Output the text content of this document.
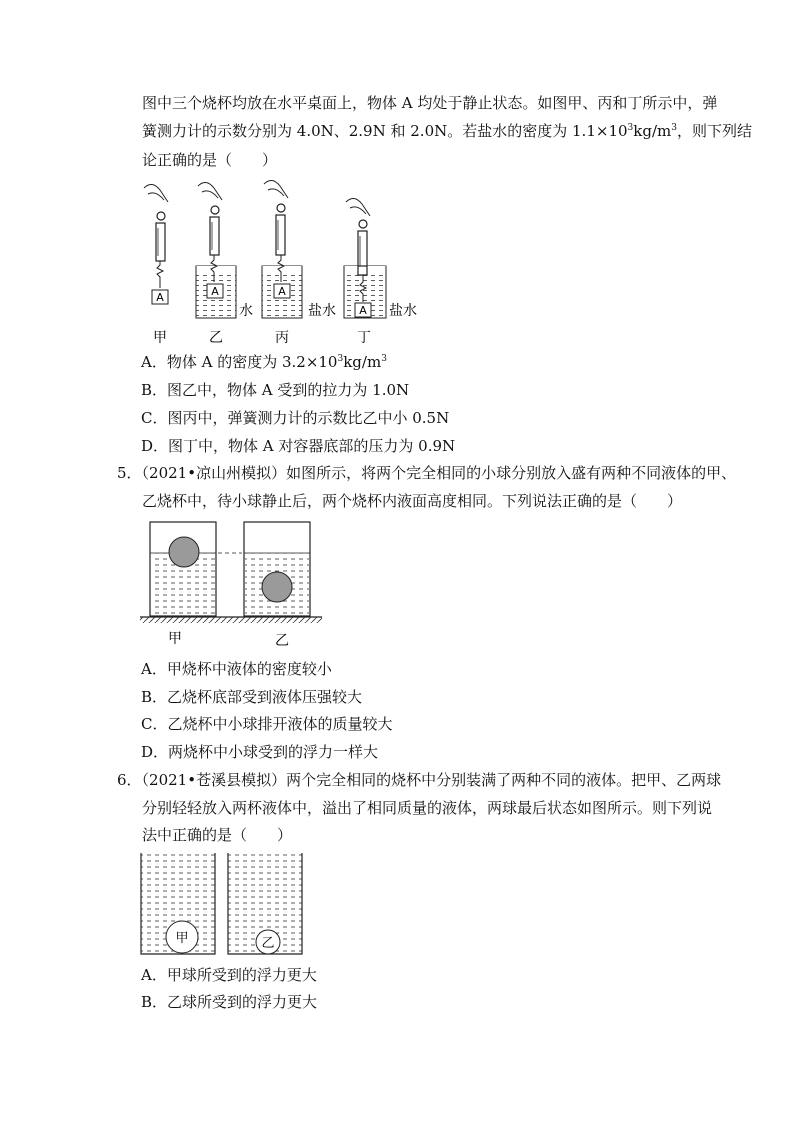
图中三个烧杯均放在水平桌面上，物体 A 均处于静止状态。如图甲、丙和丁所示中，弹
簧测力计的示数分别为 4.0N、2.9N 和 2.0N。若盐水的密度为 $1.1\times 10^3kg/m^3$，则下列结
论正确的是（　　）
A	A
水
A
盐水 A 盐水
甲	乙	丙	丁
A．物体 A 的密度为 $3.2\times 10^3kg/m^3$
B．图乙中，物体 A 受到的拉力为 1.0N
C．图丙中，弹簧测力计的示数比乙中小 0.5N
D．图丁中，物体 A 对容器底部的压力为 0.9N
5．（2021•凉山州模拟）如图所示，将两个完全相同的小球分别放入盛有两种不同液体的甲、
乙烧杯中，待小球静止后，两个烧杯内液面高度相同。下列说法正确的是（　　）
甲	乙
A．甲烧杯中液体的密度较小
B．乙烧杯底部受到液体压强较大
C．乙烧杯中小球排开液体的质量较大
D．两烧杯中小球受到的浮力一样大
6．（2021•苍溪县模拟）两个完全相同的烧杯中分别装满了两种不同的液体。把甲、乙两球
分别轻轻放入两杯液体中，溢出了相同质量的液体，两球最后状态如图所示。则下列说
法中正确的是（　　）
甲	乙
A．甲球所受到的浮力更大
B．乙球所受到的浮力更大
